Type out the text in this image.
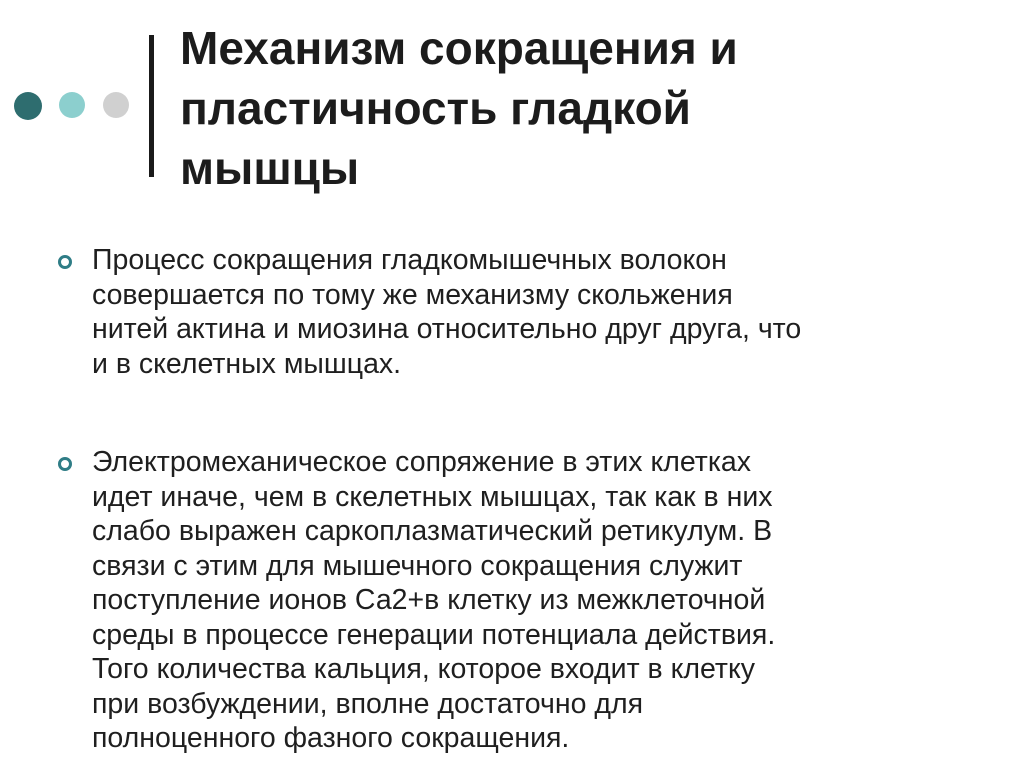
Механизм сокращения и
пластичность гладкой
мышцы
Процесс сокращения гладкомышечных волокон
совершается по тому же механизму скольжения
нитей актина и миозина относительно друг друга, что
и в скелетных мышцах.
Электромеханическое сопряжение в этих клетках
идет иначе, чем в скелетных мышцах, так как в них
слабо выражен саркоплазматический ретикулум. В
связи с этим для мышечного сокращения служит
поступление ионов Са2+в клетку из межклеточной
среды в процессе генерации потенциала действия.
Того количества кальция, которое входит в клетку
при возбуждении, вполне достаточно для
полноценного фазного сокращения.
